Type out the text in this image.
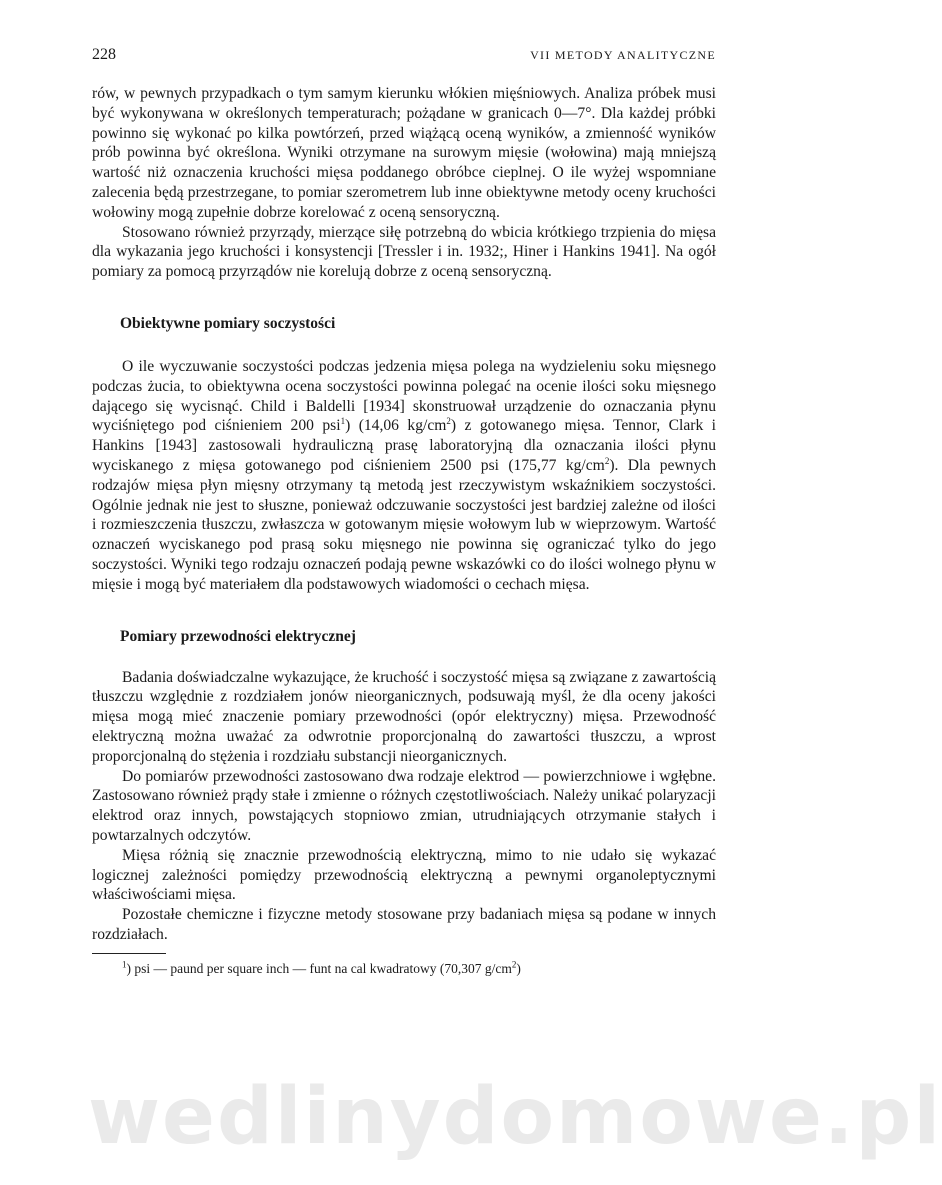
228	VII METODY ANALITYCZNE

rów, w pewnych przypadkach o tym samym kierunku włókien mięśniowych. Analiza próbek musi być wykonywana w określonych temperaturach; pożądane w granicach 0—7°. Dla każdej próbki powinno się wykonać po kilka powtórzeń, przed wiążącą oceną wyników, a zmienność wyników prób powinna być określona. Wyniki otrzymane na surowym mięsie (wołowina) mają mniejszą wartość niż oznaczenia kruchości mięsa poddanego obróbce cieplnej. O ile wyżej wspomniane zalecenia będą przestrzegane, to pomiar szerometrem lub inne obiektywne metody oceny kruchości wołowiny mogą zupełnie dobrze korelować z oceną sensoryczną.

Stosowano również przyrządy, mierzące siłę potrzebną do wbicia krótkiego trzpienia do mięsa dla wykazania jego kruchości i konsystencji [Tressler i in. 1932;, Hiner i Hankins 1941]. Na ogół pomiary za pomocą przyrządów nie korelują dobrze z oceną sensoryczną.

Obiektywne pomiary soczystości

O ile wyczuwanie soczystości podczas jedzenia mięsa polega na wydzieleniu soku mięsnego podczas żucia, to obiektywna ocena soczystości powinna polegać na ocenie ilości soku mięsnego dającego się wycisnąć. Child i Baldelli [1934] skonstruował urządzenie do oznaczania płynu wyciśniętego pod ciśnieniem 200 psi$^1$) (14,06 $kg/cm^2$) z gotowanego mięsa. Tennor, Clark i Hankins [1943] zastosowali hydrauliczną prasę laboratoryjną dla oznaczania ilości płynu wyciskanego z mięsa gotowanego pod ciśnieniem 2500 psi (175,77 $kg/cm^2$). Dla pewnych rodzajów mięsa płyn mięsny otrzymany tą metodą jest rzeczywistym wskaźnikiem soczystości. Ogólnie jednak nie jest to słuszne, ponieważ odczuwanie soczystości jest bardziej zależne od ilości i rozmieszczenia tłuszczu, zwłaszcza w gotowanym mięsie wołowym lub w wieprzowym. Wartość oznaczeń wyciskanego pod prasą soku mięsnego nie powinna się ograniczać tylko do jego soczystości. Wyniki tego rodzaju oznaczeń podają pewne wskazówki co do ilości wolnego płynu w mięsie i mogą być materiałem dla podstawowych wiadomości o cechach mięsa.

Pomiary przewodności elektrycznej

Badania doświadczalne wykazujące, że kruchość i soczystość mięsa są związane z zawartością tłuszczu względnie z rozdziałem jonów nieorganicznych, podsuwają myśl, że dla oceny jakości mięsa mogą mieć znaczenie pomiary przewodności (opór elektryczny) mięsa. Przewodność elektryczną można uważać za odwrotnie proporcjonalną do zawartości tłuszczu, a wprost proporcjonalną do stężenia i rozdziału substancji nieorganicznych.

Do pomiarów przewodności zastosowano dwa rodzaje elektrod — powierzchniowe i wgłębne. Zastosowano również prądy stałe i zmienne o różnych częstotliwościach. Należy unikać polaryzacji elektrod oraz innych, powstających stopniowo zmian, utrudniających otrzymanie stałych i powtarzalnych odczytów.

Mięsa różnią się znacznie przewodnością elektryczną, mimo to nie udało się wykazać logicznej zależności pomiędzy przewodnością elektryczną a pewnymi organoleptycznymi właściwościami mięsa.

Pozostałe chemiczne i fizyczne metody stosowane przy badaniach mięsa są podane w innych rozdziałach.

$^1$) psi — paund per square inch — funt na cal kwadratowy (70,307 $g/cm^2$)
wedlinydomowe.pl
